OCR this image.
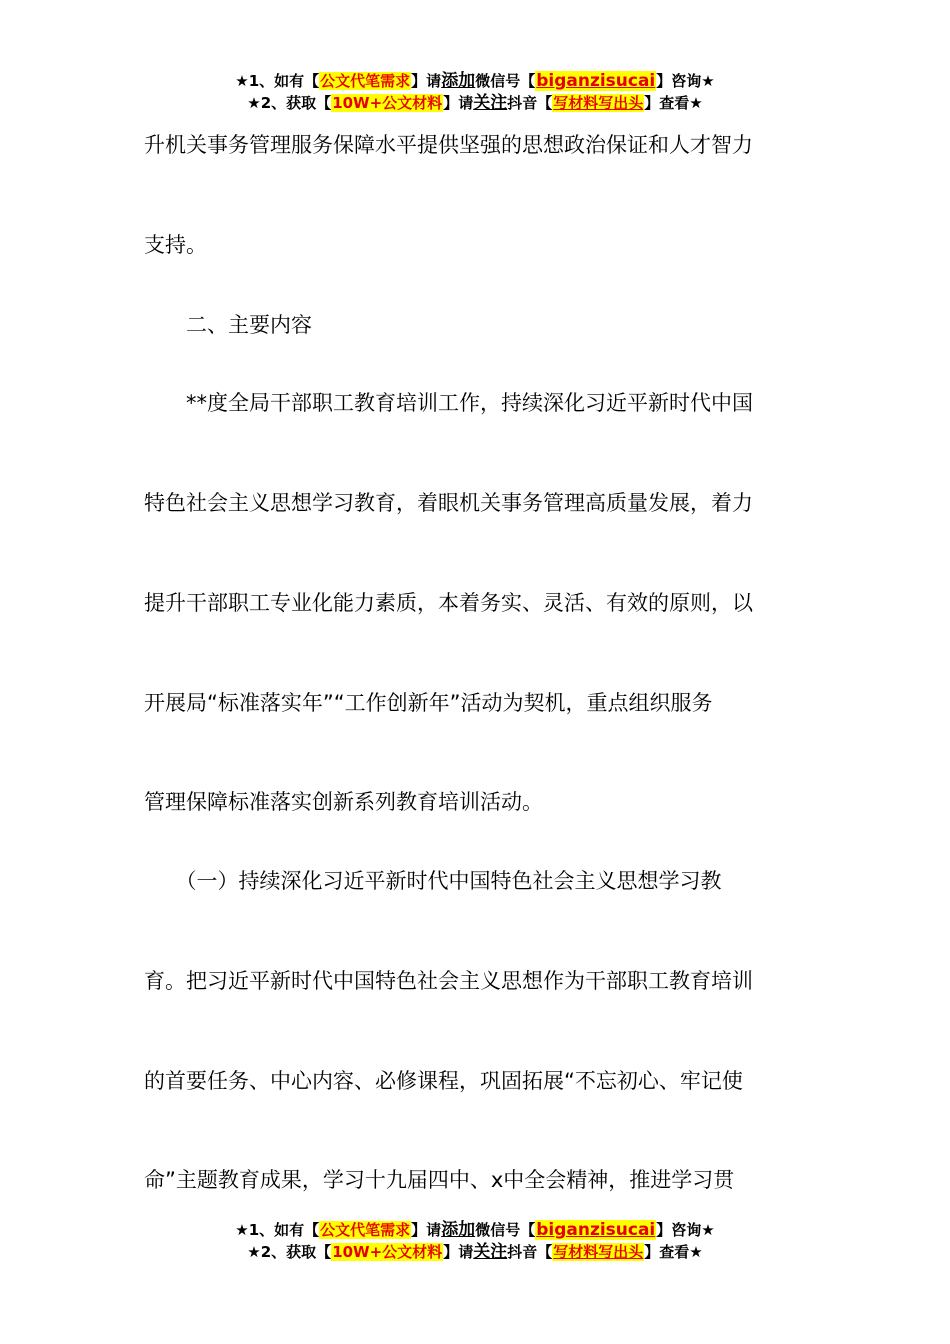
★1、如有【公文代笔需求】请添加微信号【biganzisucai】咨询★
★2、获取【10W+公文材料】请关注抖音【写材料写出头】查看★
升机关事务管理服务保障水平提供坚强的思想政治保证和人才智力
支持。
　　二、主要内容
　　**度全局干部职工教育培训工作，持续深化习近平新时代中国
特色社会主义思想学习教育，着眼机关事务管理高质量发展，着力
提升干部职工专业化能力素质，本着务实、灵活、有效的原则，以
开展局“标准落实年”“工作创新年”活动为契机，重点组织服务
管理保障标准落实创新系列教育培训活动。
　　（一）持续深化习近平新时代中国特色社会主义思想学习教
育。把习近平新时代中国特色社会主义思想作为干部职工教育培训
的首要任务、中心内容、必修课程，巩固拓展“不忘初心、牢记使
命”主题教育成果，学习十九届四中、x中全会精神，推进学习贯
★1、如有【公文代笔需求】请添加微信号【biganzisucai】咨询★
★2、获取【10W+公文材料】请关注抖音【写材料写出头】查看★
